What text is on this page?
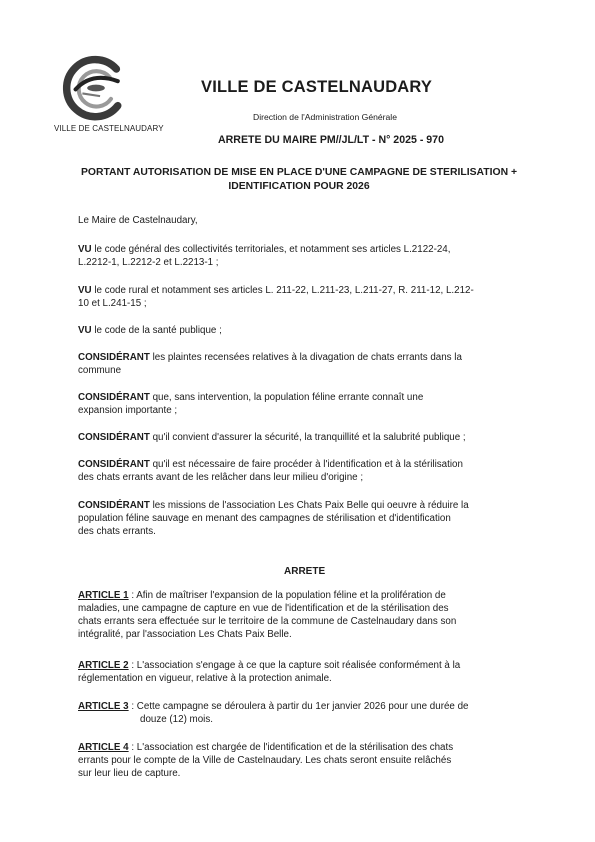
VILLE DE CASTELNAUDARY
VILLE DE CASTELNAUDARY
Direction de l'Administration Générale
ARRETE DU MAIRE PM//JL/LT - N° 2025 - 970
PORTANT AUTORISATION DE MISE EN PLACE D'UNE CAMPAGNE DE STERILISATION +
IDENTIFICATION POUR 2026
Le Maire de Castelnaudary,
VU le code général des collectivités territoriales, et notamment ses articles L.2122-24,
L.2212-1, L.2212-2 et L.2213-1 ;
VU le code rural et notamment ses articles L. 211-22, L.211-23, L.211-27, R. 211-12, L.212-
10 et L.241-15 ;
VU le code de la santé publique ;
CONSIDÉRANT les plaintes recensées relatives à la divagation de chats errants dans la
commune
CONSIDÉRANT que, sans intervention, la population féline errante connaît une
expansion importante ;
CONSIDÉRANT qu'il convient d'assurer la sécurité, la tranquillité et la salubrité publique ;
CONSIDÉRANT qu'il est nécessaire de faire procéder à l'identification et à la stérilisation
des chats errants avant de les relâcher dans leur milieu d'origine ;
CONSIDÉRANT les missions de l'association Les Chats Paix Belle qui oeuvre à réduire la
population féline sauvage en menant des campagnes de stérilisation et d'identification
des chats errants.
ARRETE
ARTICLE 1 : Afin de maîtriser l'expansion de la population féline et la prolifération de
maladies, une campagne de capture en vue de l'identification et de la stérilisation des
chats errants sera effectuée sur le territoire de la commune de Castelnaudary dans son
intégralité, par l'association Les Chats Paix Belle.
ARTICLE 2 : L'association s'engage à ce que la capture soit réalisée conformément à la
réglementation en vigueur, relative à la protection animale.
ARTICLE 3 : Cette campagne se déroulera à partir du 1er janvier 2026 pour une durée de
douze (12) mois.
ARTICLE 4 : L'association est chargée de l'identification et de la stérilisation des chats
errants pour le compte de la Ville de Castelnaudary. Les chats seront ensuite relâchés
sur leur lieu de capture.
